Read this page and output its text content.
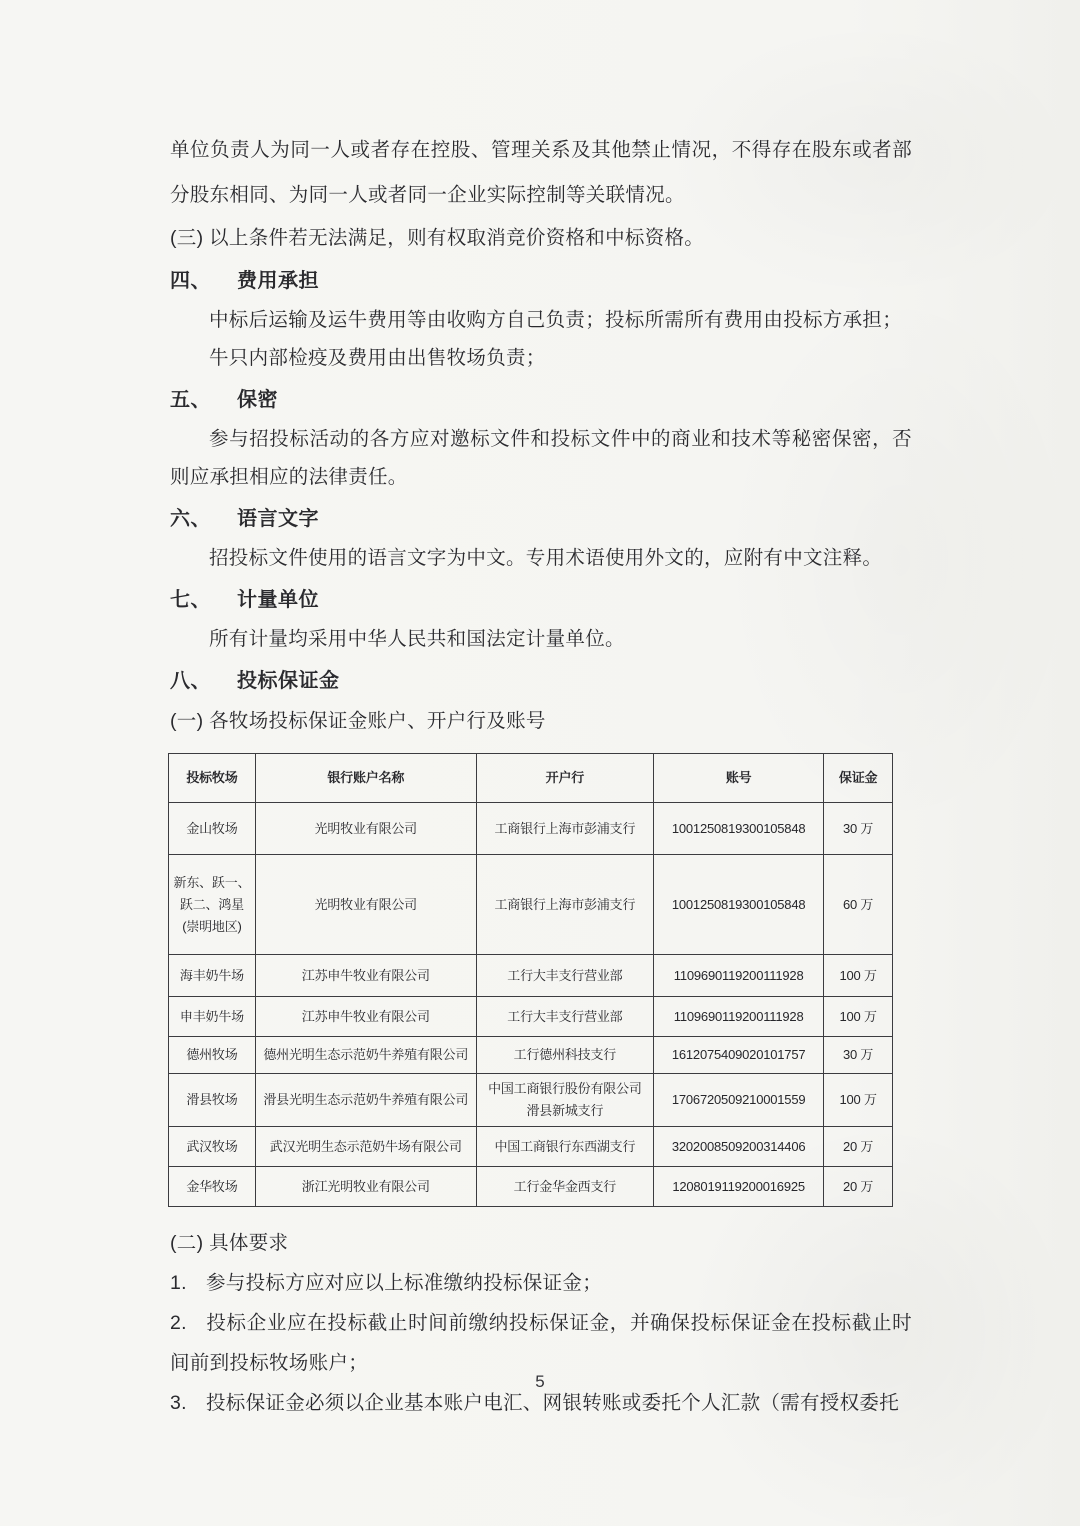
单位负责人为同一人或者存在控股、管理关系及其他禁止情况，不得存在股东或者部分股东相同、为同一人或者同一企业实际控制等关联情况。

(三) 以上条件若无法满足，则有权取消竞价资格和中标资格。

四、	费用承担

中标后运输及运牛费用等由收购方自己负责；投标所需所有费用由投标方承担；

牛只内部检疫及费用由出售牧场负责；

五、	保密

参与招投标活动的各方应对邀标文件和投标文件中的商业和技术等秘密保密，否则应承担相应的法律责任。

六、	语言文字

招投标文件使用的语言文字为中文。专用术语使用外文的，应附有中文注释。

七、	计量单位

所有计量均采用中华人民共和国法定计量单位。

八、	投标保证金

(一) 各牧场投标保证金账户、开户行及账号

投标牧场	银行账户名称	开户行	账号	保证金
金山牧场	光明牧业有限公司	工商银行上海市彭浦支行	1001250819300105848	30 万
新东、跃一、跃二、鸿星 (崇明地区)	光明牧业有限公司	工商银行上海市彭浦支行	1001250819300105848	60 万
海丰奶牛场	江苏申牛牧业有限公司	工行大丰支行营业部	1109690119200111928	100 万
申丰奶牛场	江苏申牛牧业有限公司	工行大丰支行营业部	1109690119200111928	100 万
德州牧场	德州光明生态示范奶牛养殖有限公司	工行德州科技支行	1612075409020101757	30 万
滑县牧场	滑县光明生态示范奶牛养殖有限公司	中国工商银行股份有限公司滑县新城支行	1706720509210001559	100 万
武汉牧场	武汉光明生态示范奶牛场有限公司	中国工商银行东西湖支行	3202008509200314406	20 万
金华牧场	浙江光明牧业有限公司	工行金华金西支行	1208019119200016925	20 万

(二) 具体要求

1. 参与投标方应对应以上标准缴纳投标保证金；

2. 投标企业应在投标截止时间前缴纳投标保证金，并确保投标保证金在投标截止时间前到投标牧场账户；

3. 投标保证金必须以企业基本账户电汇、网银转账或委托个人汇款（需有授权委托

5
